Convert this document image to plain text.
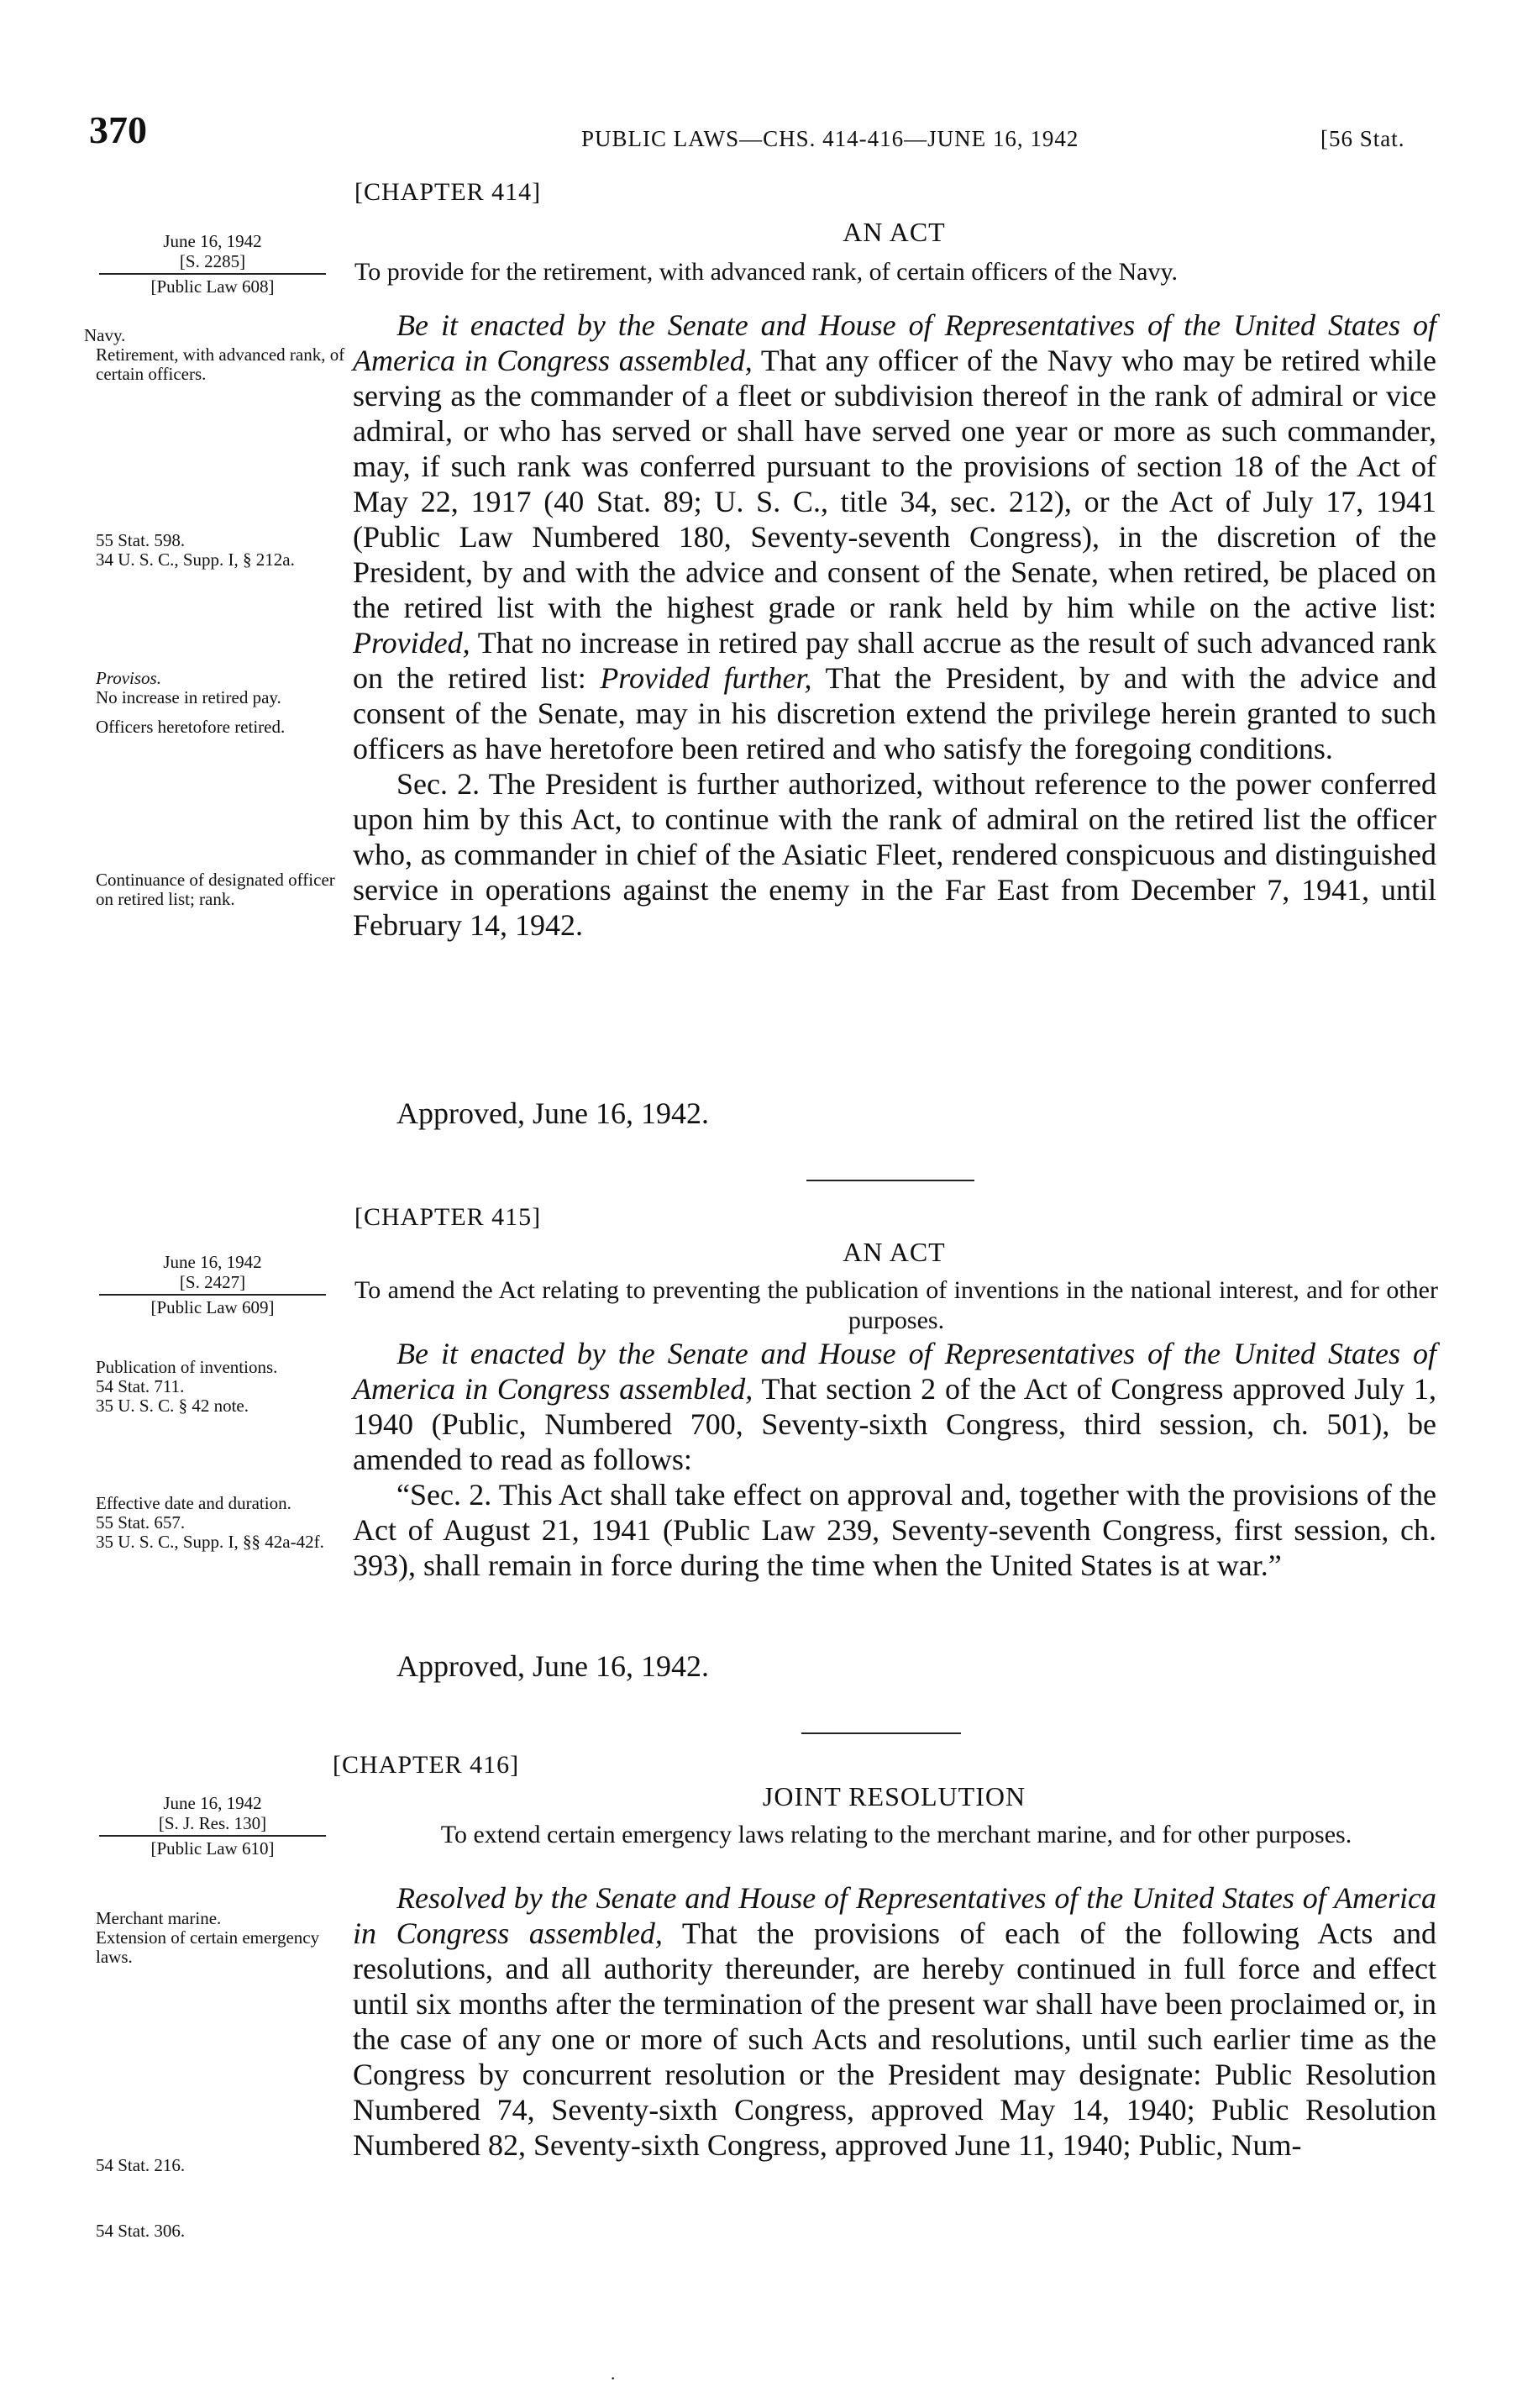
370	PUBLIC LAWS—CHS. 414-416—JUNE 16, 1942	[56 Stat.
[CHAPTER 414]
AN ACT
To provide for the retirement, with advanced rank, of certain officers of the Navy.
June 16, 1942
[S. 2285]
[Public Law 608]
Navy.
Retirement, with advanced rank, of certain officers.
55 Stat. 598.
34 U. S. C., Supp. I, § 212a.
Provisos.
No increase in retired pay.
Officers heretofore retired.
Continuance of designated officer on retired list; rank.

Be it enacted by the Senate and House of Representatives of the United States of America in Congress assembled, That any officer of the Navy who may be retired while serving as the commander of a fleet or subdivision thereof in the rank of admiral or vice admiral, or who has served or shall have served one year or more as such commander, may, if such rank was conferred pursuant to the provisions of section 18 of the Act of May 22, 1917 (40 Stat. 89; U. S. C., title 34, sec. 212), or the Act of July 17, 1941 (Public Law Numbered 180, Seventy-seventh Congress), in the discretion of the President, by and with the advice and consent of the Senate, when retired, be placed on the retired list with the highest grade or rank held by him while on the active list: Provided, That no increase in retired pay shall accrue as the result of such advanced rank on the retired list: Provided further, That the President, by and with the advice and consent of the Senate, may in his discretion extend the privilege herein granted to such officers as have heretofore been retired and who satisfy the foregoing conditions.

Sec. 2. The President is further authorized, without reference to the power conferred upon him by this Act, to continue with the rank of admiral on the retired list the officer who, as commander in chief of the Asiatic Fleet, rendered conspicuous and distinguished service in operations against the enemy in the Far East from December 7, 1941, until February 14, 1942.

Approved, June 16, 1942.
[CHAPTER 415]
AN ACT
To amend the Act relating to preventing the publication of inventions in the national interest, and for other purposes.
June 16, 1942
[S. 2427]
[Public Law 609]
Publication of inventions.
54 Stat. 711.
35 U. S. C. § 42 note.
Effective date and duration.
55 Stat. 657.
35 U. S. C., Supp. I, §§ 42a-42f.

Be it enacted by the Senate and House of Representatives of the United States of America in Congress assembled, That section 2 of the Act of Congress approved July 1, 1940 (Public, Numbered 700, Seventy-sixth Congress, third session, ch. 501), be amended to read as follows:

“Sec. 2. This Act shall take effect on approval and, together with the provisions of the Act of August 21, 1941 (Public Law 239, Seventy-seventh Congress, first session, ch. 393), shall remain in force during the time when the United States is at war.”

Approved, June 16, 1942.
[CHAPTER 416]
JOINT RESOLUTION
To extend certain emergency laws relating to the merchant marine, and for other purposes.
June 16, 1942
[S. J. Res. 130]
[Public Law 610]
Merchant marine.
Extension of certain emergency laws.
54 Stat. 216.
54 Stat. 306.

Resolved by the Senate and House of Representatives of the United States of America in Congress assembled, That the provisions of each of the following Acts and resolutions, and all authority thereunder, are hereby continued in full force and effect until six months after the termination of the present war shall have been proclaimed or, in the case of any one or more of such Acts and resolutions, until such earlier time as the Congress by concurrent resolution or the President may designate: Public Resolution Numbered 74, Seventy-sixth Congress, approved May 14, 1940; Public Resolution Numbered 82, Seventy-sixth Congress, approved June 11, 1940; Public, Num-

·
